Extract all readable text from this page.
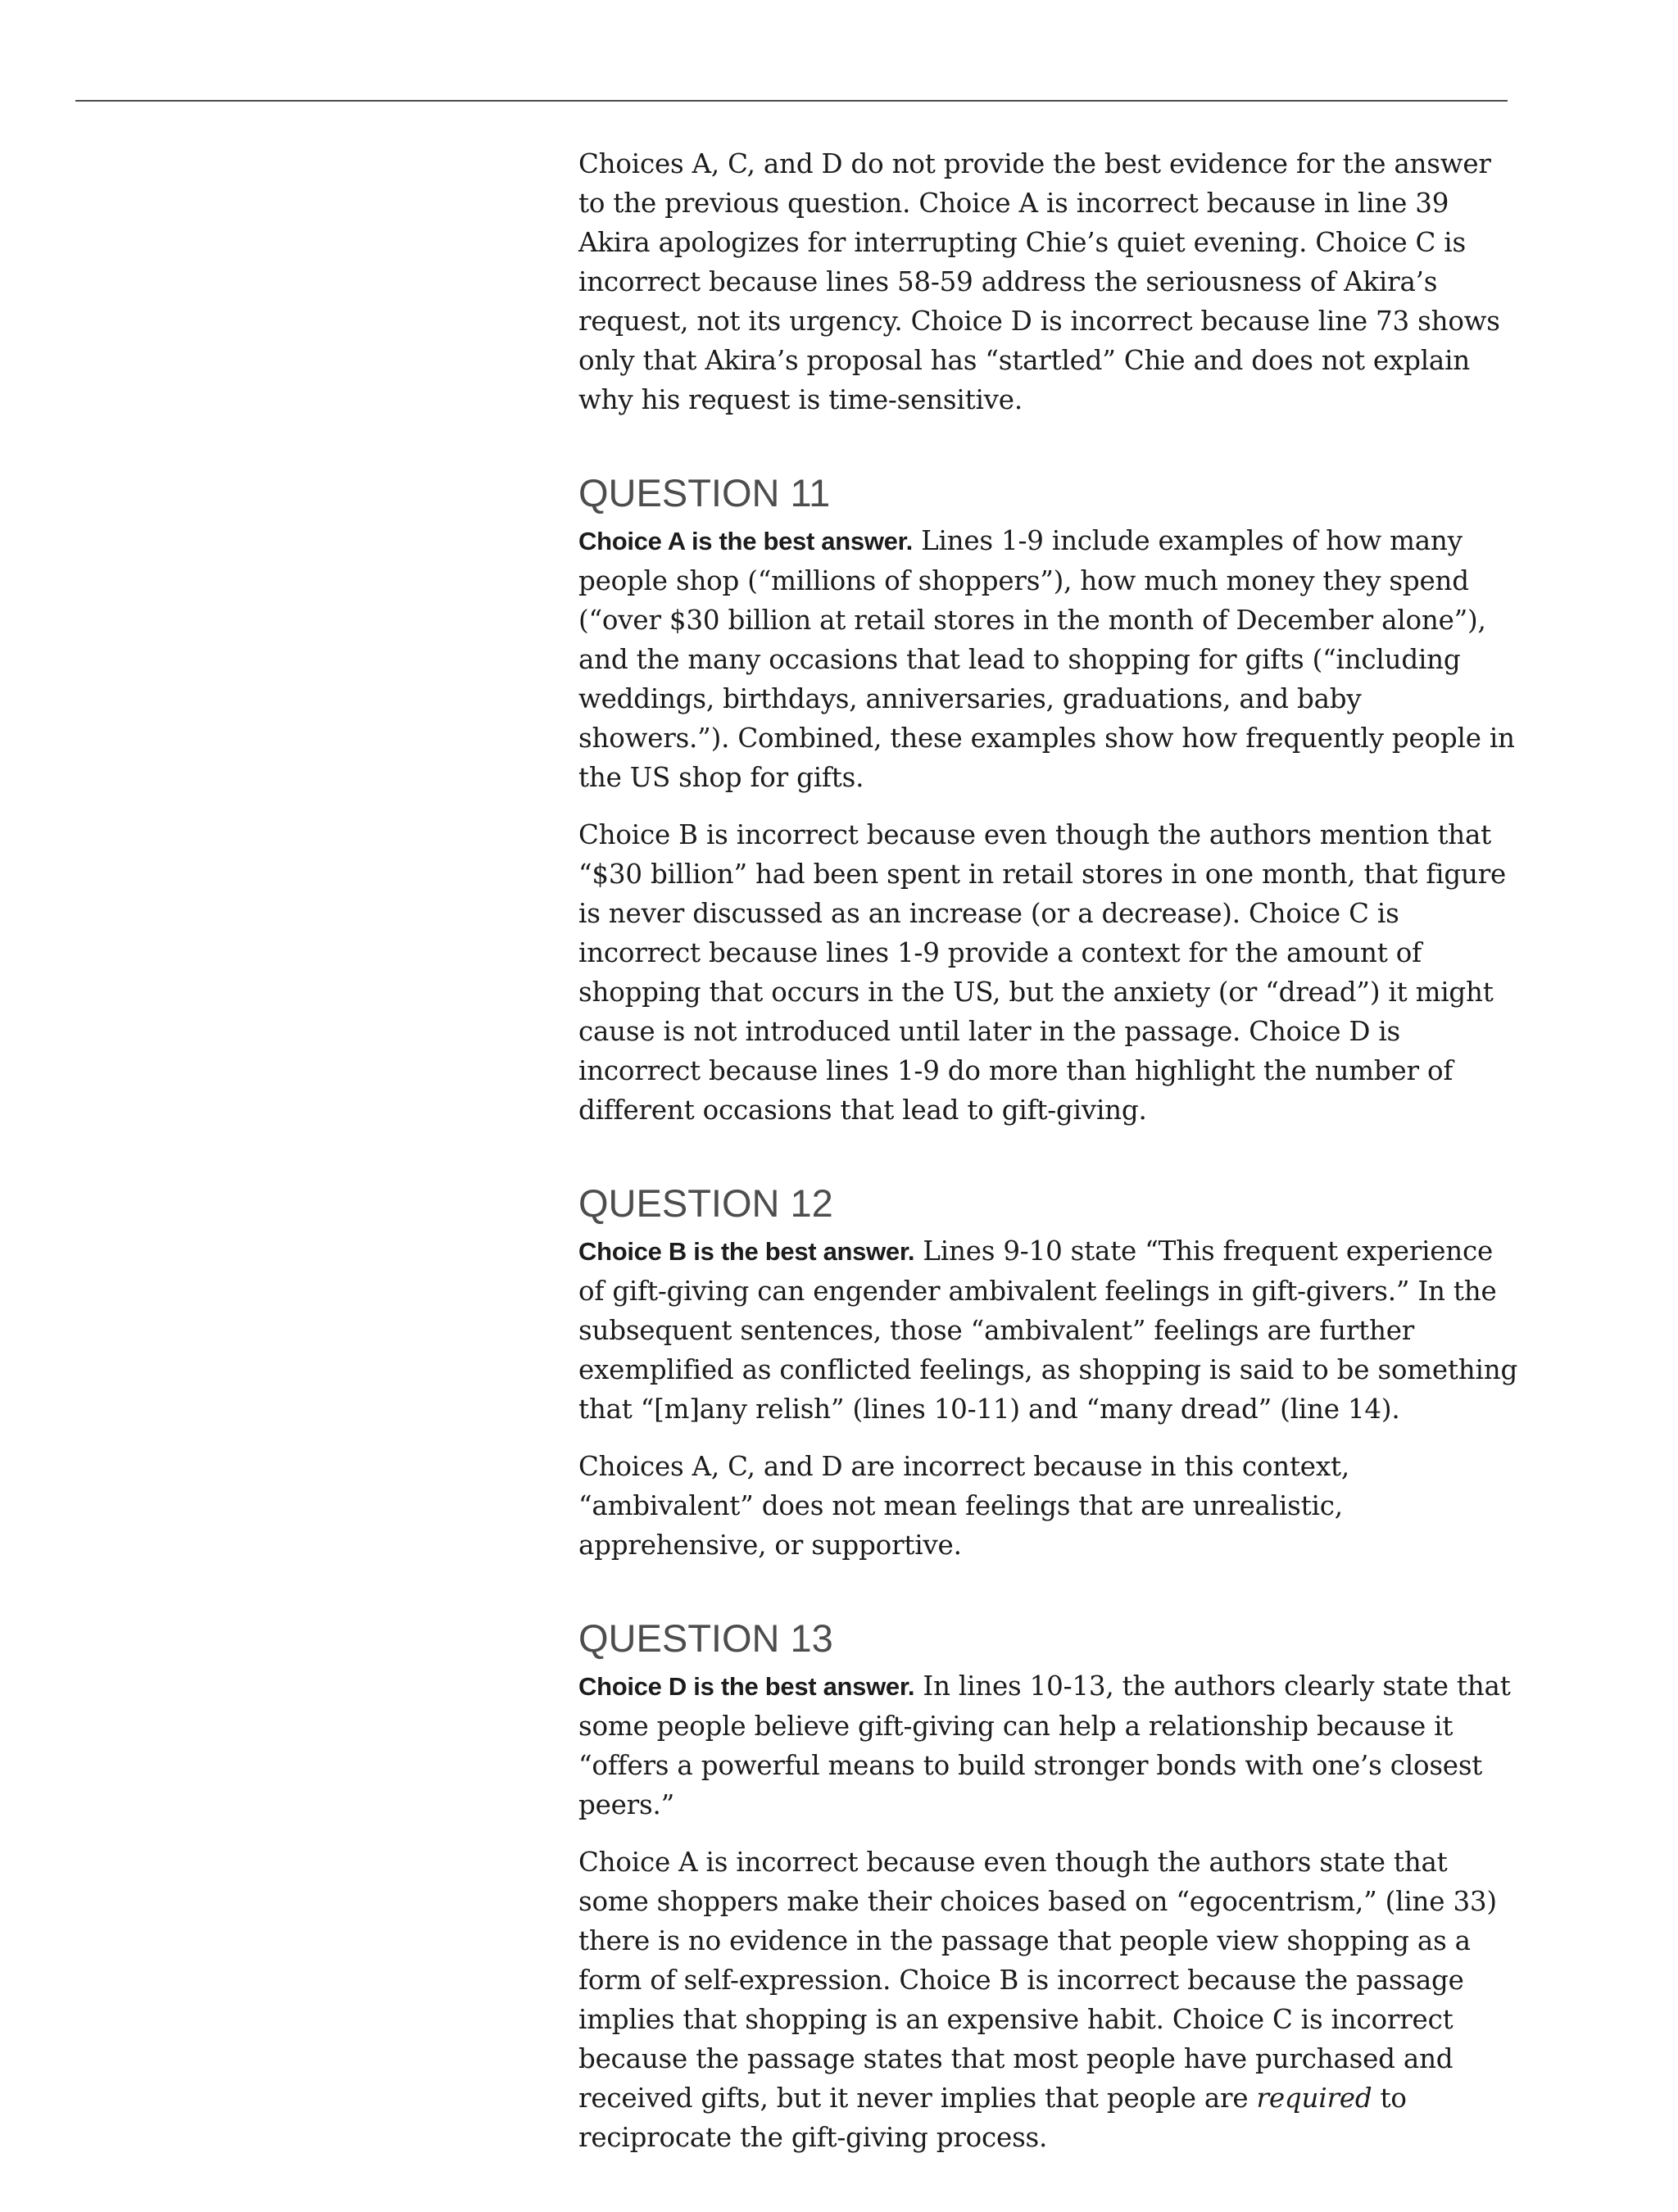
Choices A, C, and D do not provide the best evidence for the answer to the previous question. Choice A is incorrect because in line 39 Akira apologizes for interrupting Chie’s quiet evening. Choice C is incorrect because lines 58-59 address the seriousness of Akira’s request, not its urgency. Choice D is incorrect because line 73 shows only that Akira’s proposal has “startled” Chie and does not explain why his request is time-sensitive.

QUESTION 11

Choice A is the best answer. Lines 1-9 include examples of how many people shop (“millions of shoppers”), how much money they spend (“over $30 billion at retail stores in the month of December alone”), and the many occasions that lead to shopping for gifts (“including weddings, birthdays, anniversaries, graduations, and baby showers.”). Combined, these examples show how frequently people in the US shop for gifts.

Choice B is incorrect because even though the authors mention that “$30 billion” had been spent in retail stores in one month, that figure is never discussed as an increase (or a decrease). Choice C is incorrect because lines 1-9 provide a context for the amount of shopping that occurs in the US, but the anxiety (or “dread”) it might cause is not introduced until later in the passage. Choice D is incorrect because lines 1-9 do more than highlight the number of different occasions that lead to gift-giving.

QUESTION 12

Choice B is the best answer. Lines 9-10 state “This frequent experience of gift-giving can engender ambivalent feelings in gift-givers.” In the subsequent sentences, those “ambivalent” feelings are further exemplified as conflicted feelings, as shopping is said to be something that “[m]any relish” (lines 10-11) and “many dread” (line 14).

Choices A, C, and D are incorrect because in this context, “ambivalent” does not mean feelings that are unrealistic, apprehensive, or supportive.

QUESTION 13

Choice D is the best answer. In lines 10-13, the authors clearly state that some people believe gift-giving can help a relationship because it “offers a powerful means to build stronger bonds with one’s closest peers.”

Choice A is incorrect because even though the authors state that some shoppers make their choices based on “egocentrism,” (line 33) there is no evidence in the passage that people view shopping as a form of self-expression. Choice B is incorrect because the passage implies that shopping is an expensive habit. Choice C is incorrect because the passage states that most people have purchased and received gifts, but it never implies that people are required to reciprocate the gift-giving process.
